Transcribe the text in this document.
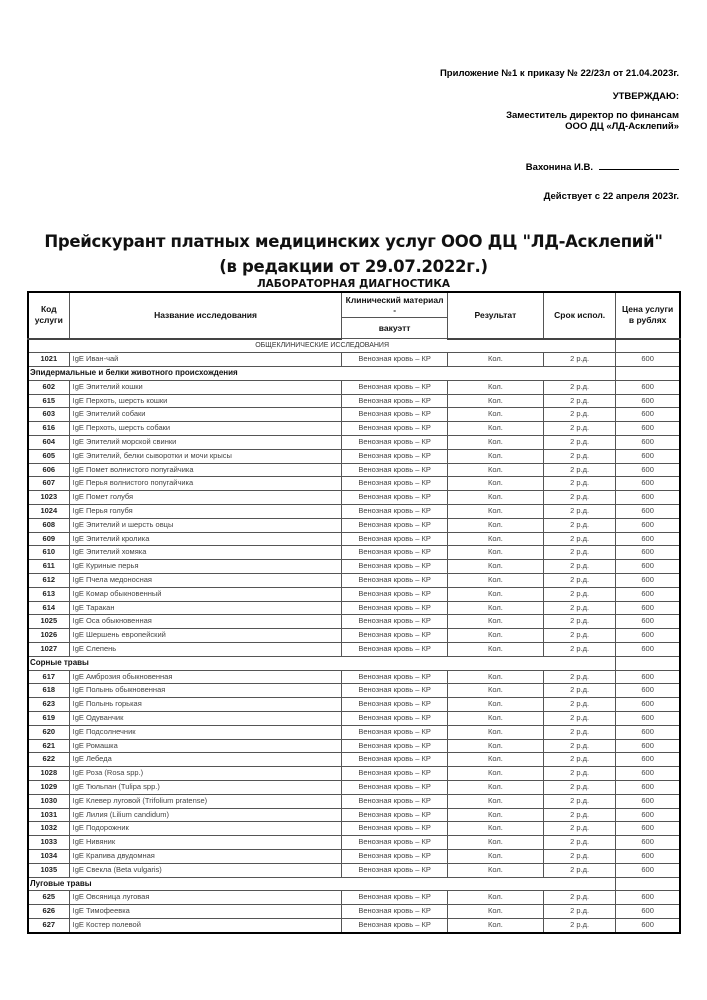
Приложение №1 к приказу № 22/23л от 21.04.2023г.
УТВЕРЖДАЮ:
Заместитель директор по финансам
ООО ДЦ «ЛД-Асклепий»
Вахонина И.В.
Действует с 22 апреля 2023г.
Прейскурант платных медицинских услуг ООО ДЦ "ЛД-Асклепий"
(в редакции от 29.07.2022г.)
ЛАБОРАТОРНАЯ ДИАГНОСТИКА
Код услуги	Название исследования	Клинический материал -	Результат	Срок испол.	Цена услуги в рублях
		вакуэтт			
ОБЩЕКЛИНИЧЕСКИЕ ИССЛЕДОВАНИЯ					
1021	IgE Иван-чай	Венозная кровь – КР	Кол.	2 р.д.	600
Эпидермальные и белки животного происхождения					
602	IgE Эпителий кошки	Венозная кровь – КР	Кол.	2 р.д.	600
615	IgE Перхоть, шерсть кошки	Венозная кровь – КР	Кол.	2 р.д.	600
603	IgE Эпителий собаки	Венозная кровь – КР	Кол.	2 р.д.	600
616	IgE Перхоть, шерсть собаки	Венозная кровь – КР	Кол.	2 р.д.	600
604	IgE Эпителий морской свинки	Венозная кровь – КР	Кол.	2 р.д.	600
605	IgE Эпителий, белки сыворотки и мочи крысы	Венозная кровь – КР	Кол.	2 р.д.	600
606	IgE Помет волнистого попугайчика	Венозная кровь – КР	Кол.	2 р.д.	600
607	IgE Перья волнистого попугайчика	Венозная кровь – КР	Кол.	2 р.д.	600
1023	IgE Помет голубя	Венозная кровь – КР	Кол.	2 р.д.	600
1024	IgE Перья голубя	Венозная кровь – КР	Кол.	2 р.д.	600
608	IgE Эпителий и шерсть овцы	Венозная кровь – КР	Кол.	2 р.д.	600
609	IgE Эпителий кролика	Венозная кровь – КР	Кол.	2 р.д.	600
610	IgE Эпителий хомяка	Венозная кровь – КР	Кол.	2 р.д.	600
611	IgE Куриные перья	Венозная кровь – КР	Кол.	2 р.д.	600
612	IgE Пчела медоносная	Венозная кровь – КР	Кол.	2 р.д.	600
613	IgE Комар обыкновенный	Венозная кровь – КР	Кол.	2 р.д.	600
614	IgE Таракан	Венозная кровь – КР	Кол.	2 р.д.	600
1025	IgE Оса обыкновенная	Венозная кровь – КР	Кол.	2 р.д.	600
1026	IgE Шершень европейский	Венозная кровь – КР	Кол.	2 р.д.	600
1027	IgE Слепень	Венозная кровь – КР	Кол.	2 р.д.	600
Сорные травы					
617	IgE Амброзия обыкновенная	Венозная кровь – КР	Кол.	2 р.д.	600
618	IgE Полынь обыкновенная	Венозная кровь – КР	Кол.	2 р.д.	600
623	IgE Полынь горькая	Венозная кровь – КР	Кол.	2 р.д.	600
619	IgE Одуванчик	Венозная кровь – КР	Кол.	2 р.д.	600
620	IgE Подсолнечник	Венозная кровь – КР	Кол.	2 р.д.	600
621	IgE Ромашка	Венозная кровь – КР	Кол.	2 р.д.	600
622	IgE Лебеда	Венозная кровь – КР	Кол.	2 р.д.	600
1028	IgE Роза (Rosa spp.)	Венозная кровь – КР	Кол.	2 р.д.	600
1029	IgE Тюльпан (Tulipa spp.)	Венозная кровь – КР	Кол.	2 р.д.	600
1030	IgE Клевер луговой (Trifolium pratense)	Венозная кровь – КР	Кол.	2 р.д.	600
1031	IgE Лилия (Lilium candidum)	Венозная кровь – КР	Кол.	2 р.д.	600
1032	IgE Подорожник	Венозная кровь – КР	Кол.	2 р.д.	600
1033	IgE Нивяник	Венозная кровь – КР	Кол.	2 р.д.	600
1034	IgE Крапива двудомная	Венозная кровь – КР	Кол.	2 р.д.	600
1035	IgE Свекла (Beta vulgaris)	Венозная кровь – КР	Кол.	2 р.д.	600
Луговые травы					
625	IgE Овсяница луговая	Венозная кровь – КР	Кол.	2 р.д.	600
626	IgE Тимофеевка	Венозная кровь – КР	Кол.	2 р.д.	600
627	IgE Костер полевой	Венозная кровь – КР	Кол.	2 р.д.	600
